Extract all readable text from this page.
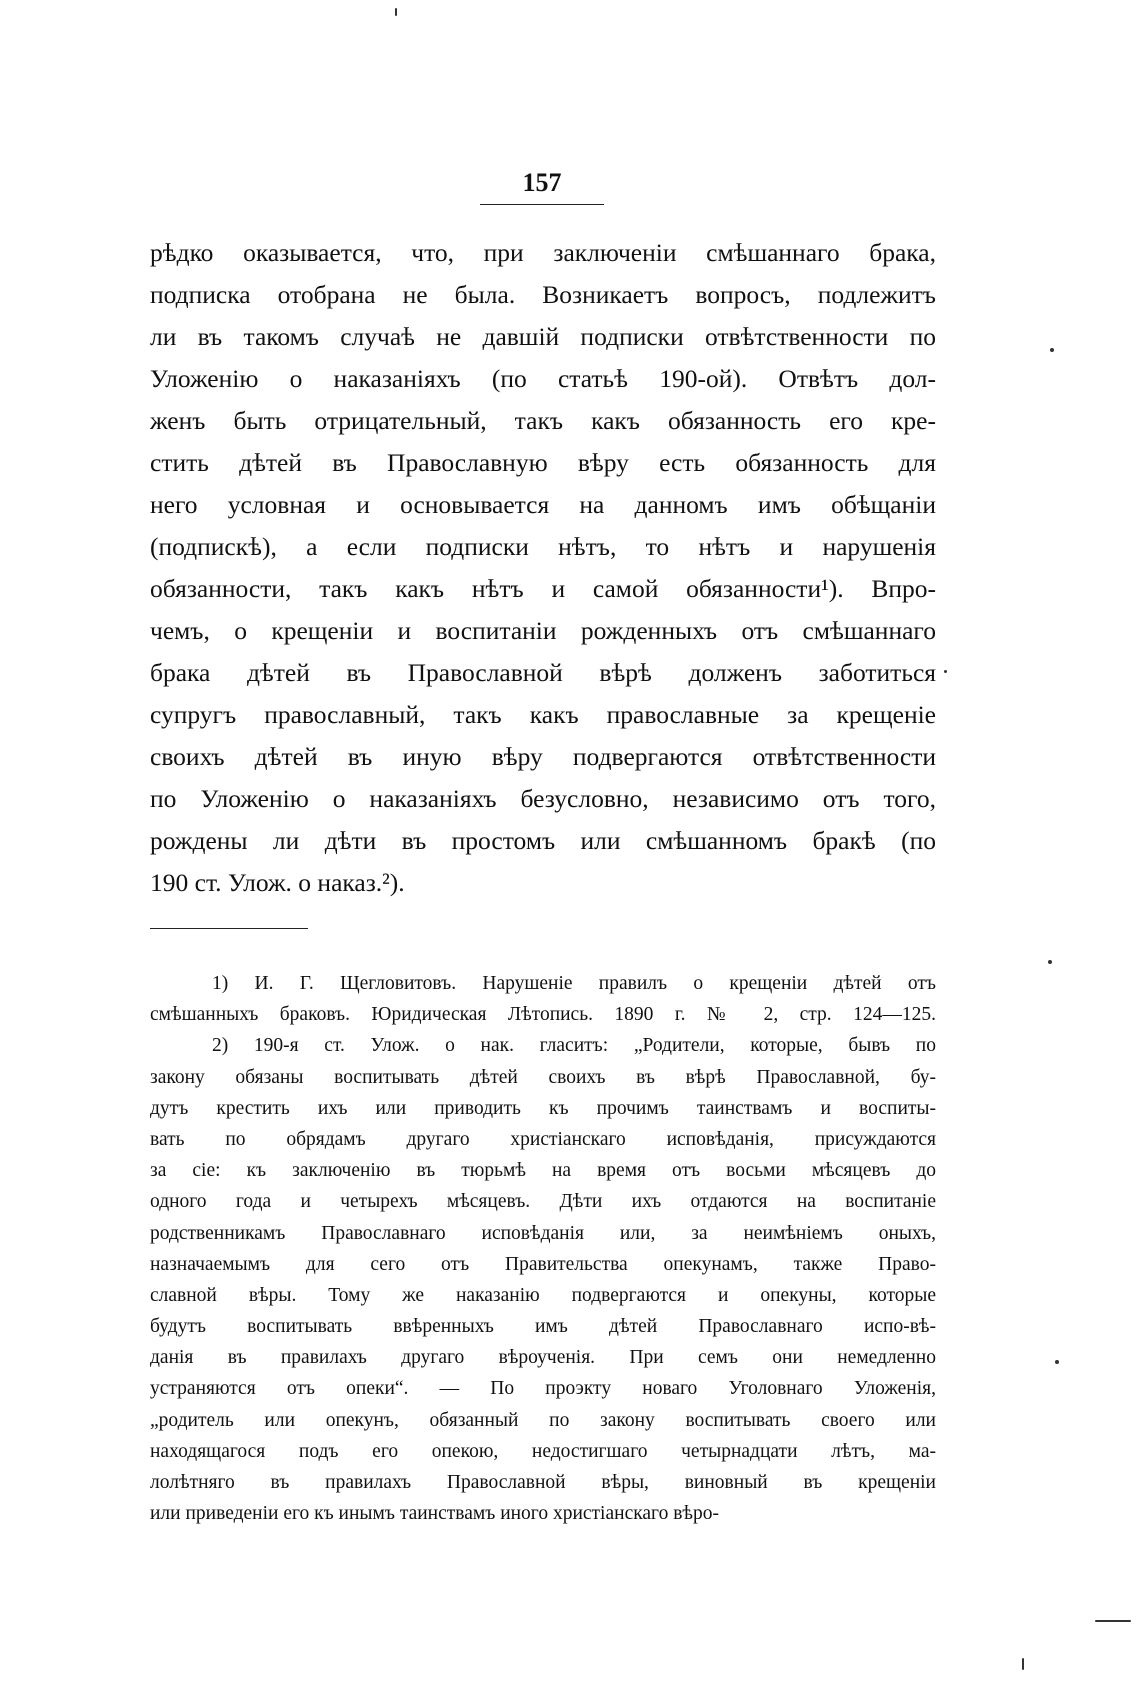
157
рѣдко оказывается, что, при заключеніи смѣшаннаго брака,
подписка отобрана не была. Возникаетъ вопросъ, подлежитъ
ли въ такомъ случаѣ не давшій подписки отвѣтственности по
Уложенію о наказаніяхъ (по статьѣ 190-ой). Отвѣтъ дол-
женъ быть отрицательный, такъ какъ обязанность его кре-
стить дѣтей въ Православную вѣру есть обязанность для
него условная и основывается на данномъ имъ обѣщаніи
(подпискѣ), а если подписки нѣтъ, то нѣтъ и нарушенія
обязанности, такъ какъ нѣтъ и самой обязанности¹). Впро-
чемъ, о крещеніи и воспитаніи рожденныхъ отъ смѣшаннаго
брака дѣтей въ Православной вѣрѣ долженъ заботиться
супругъ православный, такъ какъ православные за крещеніе
своихъ дѣтей въ иную вѣру подвергаются отвѣтственности
по Уложенію о наказаніяхъ безусловно, независимо отъ того,
рождены ли дѣти въ простомъ или смѣшанномъ бракѣ (по
190 ст. Улож. о наказ.²).
1) И. Г. Щегловитовъ. Нарушеніе правилъ о крещеніи дѣтей отъ
смѣшанныхъ браковъ. Юридическая Лѣтопись. 1890 г. № 2, стр. 124—125.
2) 190-я ст. Улож. о нак. гласитъ: „Родители, которые, бывъ по
закону обязаны воспитывать дѣтей своихъ въ вѣрѣ Православной, бу-
дутъ крестить ихъ или приводить къ прочимъ таинствамъ и воспиты-
вать по обрядамъ другаго христіанскаго исповѣданія, присуждаются
за сіе: къ заключенію въ тюрьмѣ на время отъ восьми мѣсяцевъ до
одного года и четырехъ мѣсяцевъ. Дѣти ихъ отдаются на воспитаніе
родственникамъ Православнаго исповѣданія или, за неимѣніемъ оныхъ,
назначаемымъ для сего отъ Правительства опекунамъ, также Право-
славной вѣры. Тому же наказанію подвергаются и опекуны, которые
будутъ воспитывать ввѣренныхъ имъ дѣтей Православнаго испо-вѣ-
данія въ правилахъ другаго вѣроученія. При семъ они немедленно
устраняются отъ опеки“. — По проэкту новаго Уголовнаго Уложенія,
„родитель или опекунъ, обязанный по закону воспитывать своего или
находящагося подъ его опекою, недостигшаго четырнадцати лѣтъ, ма-
лолѣтняго въ правилахъ Православной вѣры, виновный въ крещеніи
или приведеніи его къ инымъ таинствамъ иного христіанскаго вѣро-
